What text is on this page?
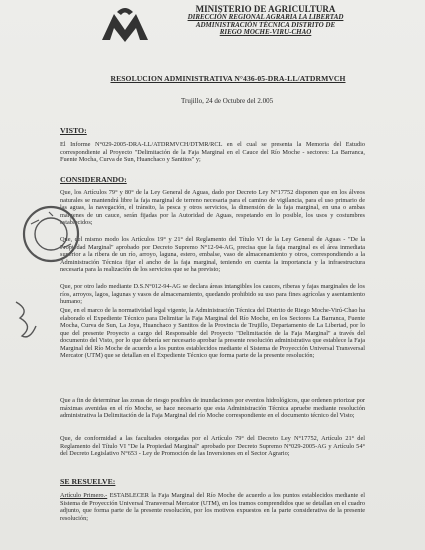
MINISTERIO DE AGRICULTURA
DIRECCIÓN REGIONAL AGRARIA LA LIBERTAD
ADMINISTRACIÓN TÉCNICA DISTRITO DE
RIEGO MOCHE-VIRU-CHAO
RESOLUCION ADMINISTRATIVA N°436-05-DRA-LL/ATDRMVCH
Trujillo, 24 de Octubre del 2.005
VISTO:

El Informe N°029-2005-DRA-LL/ATDRMVCH/DTMR/RCL en el cual se presenta la Memoria del Estudio correspondiente al Proyecto "Delimitación de la Faja Marginal en el Cauce del Río Moche - sectores: La Barranca, Fuente Mocha, Curva de Sun, Huanchaco y Santitos" y;

CONSIDERANDO:

Que, los Artículos 79° y 80° de la Ley General de Aguas, dado por Decreto Ley N°17752 disponen que en los álveos naturales se mantendrá libre la faja marginal de terreno necesaria para el camino de vigilancia, para el uso primario de las aguas, la navegación, el tránsito, la pesca y otros servicios, la dimensión de la faja marginal, en una o ambas márgenes de un cauce, serán fijadas por la Autoridad de Aguas, respetando en lo posible, los usos y costumbres establecidos;

Que, del mismo modo los Artículos 19° y 21° del Reglamento del Título VI de la Ley General de Aguas - "De la Propiedad Marginal" aprobado por Decreto Supremo N°12-94-AG, precisa que la faja marginal es el área inmediata superior a la ribera de un río, arroyo, laguna, estero, embalse, vaso de almacenamiento y otros, correspondiendo a la Administración Técnica fijar el ancho de la faja marginal, teniendo en cuenta la importancia y la infraestructura necesaria para la realización de los servicios que se ha previsto;

Que, por otro lado mediante D.S.N°012-94-AG se declara áreas intangibles los cauces, riberas y fajas marginales de los ríos, arroyos, lagos, lagunas y vasos de almacenamiento, quedando prohibido su uso para fines agrícolas y asentamiento humano;

Que, en el marco de la normatividad legal vigente, la Administración Técnica del Distrito de Riego Moche-Virú-Chao ha elaborado el Expediente Técnico para Delimitar la Faja Marginal del Río Moche, en los Sectores La Barranca, Fuente Mocha, Curva de Sun, La Joya, Huanchaco y Santitos de la Provincia de Trujillo, Departamento de La Libertad, por lo que del presente Proyecto a cargo del Responsable del Proyecto "Delimitación de la Faja Marginal" a través del documento del Visto, por lo que debería ser necesario aprobar la presente resolución administrativa que establece la Faja Marginal del Río Moche de acuerdo a los puntos establecidos mediante el Sistema de Proyección Universal Transversal Mercator (UTM) que se detallan en el Expediente Técnico que forma parte de la presente resolución;

Que a fin de determinar las zonas de riesgo posibles de inundaciones por eventos hidrológicos, que ordenen priorizar por máximas avenidas en el río Moche, se hace necesario que esta Administración Técnica apruebe mediante resolución administrativa la Delimitación de la Faja Marginal del río Moche correspondiente en el documento técnico del Visto;

Que, de conformidad a las facultades otorgadas por el Artículo 79° del Decreto Ley N°17752, Artículo 21° del Reglamento del Título VI "De la Propiedad Marginal" aprobado por Decreto Supremo N°029-2005-AG y Artículo 54° del Decreto Legislativo N°653 - Ley de Promoción de las Inversiones en el Sector Agrario;

SE RESUELVE:

Artículo Primero.- ESTABLECER la Faja Marginal del Río Moche de acuerdo a los puntos establecidos mediante el Sistema de Proyección Universal Transversal Mercator (UTM), en los tramos comprendidos que se detallan en el cuadro adjunto, que forma parte de la presente resolución, por los motivos expuestos en la parte considerativa de la presente resolución;
